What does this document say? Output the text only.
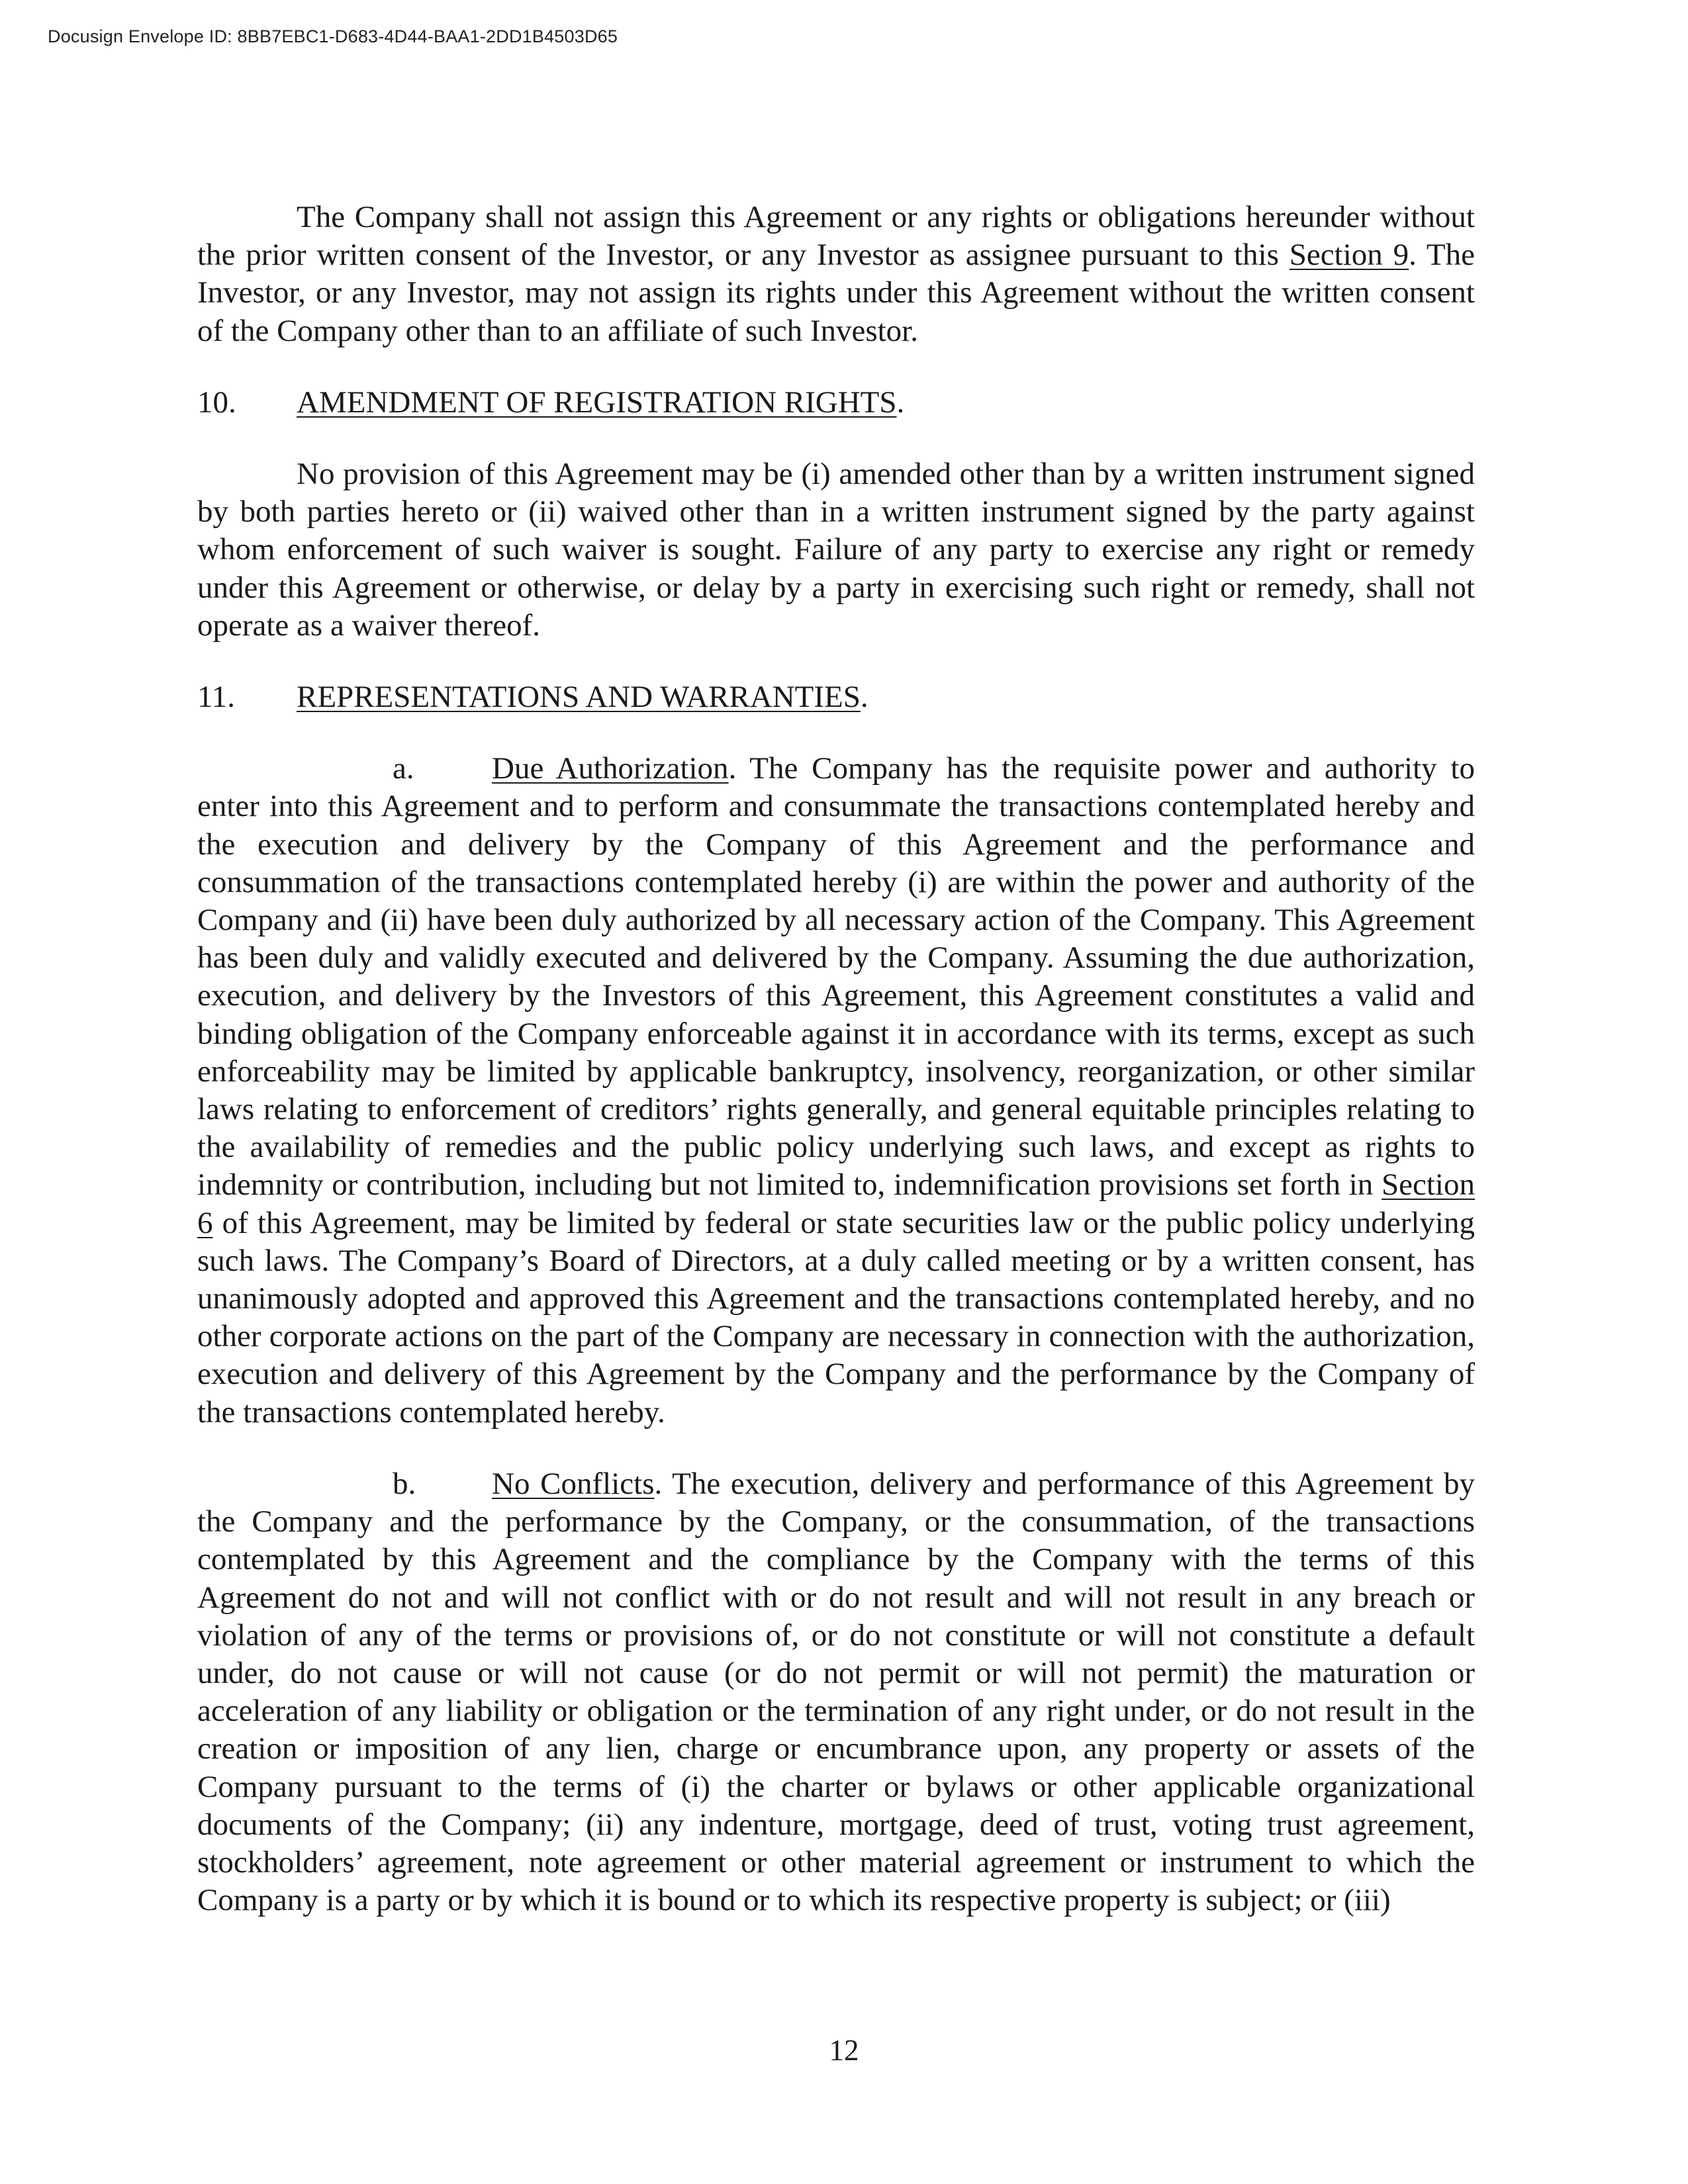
Docusign Envelope ID: 8BB7EBC1-D683-4D44-BAA1-2DD1B4503D65

The Company shall not assign this Agreement or any rights or obligations hereunder without the prior written consent of the Investor, or any Investor as assignee pursuant to this Section 9. The Investor, or any Investor, may not assign its rights under this Agreement without the written consent of the Company other than to an affiliate of such Investor.

10.	AMENDMENT OF REGISTRATION RIGHTS.

No provision of this Agreement may be (i) amended other than by a written instrument signed by both parties hereto or (ii) waived other than in a written instrument signed by the party against whom enforcement of such waiver is sought. Failure of any party to exercise any right or remedy under this Agreement or otherwise, or delay by a party in exercising such right or remedy, shall not operate as a waiver thereof.

11.	REPRESENTATIONS AND WARRANTIES.

a. Due Authorization. The Company has the requisite power and authority to enter into this Agreement and to perform and consummate the transactions contemplated hereby and the execution and delivery by the Company of this Agreement and the performance and consummation of the transactions contemplated hereby (i) are within the power and authority of the Company and (ii) have been duly authorized by all necessary action of the Company. This Agreement has been duly and validly executed and delivered by the Company. Assuming the due authorization, execution, and delivery by the Investors of this Agreement, this Agreement constitutes a valid and binding obligation of the Company enforceable against it in accordance with its terms, except as such enforceability may be limited by applicable bankruptcy, insolvency, reorganization, or other similar laws relating to enforcement of creditors’ rights generally, and general equitable principles relating to the availability of remedies and the public policy underlying such laws, and except as rights to indemnity or contribution, including but not limited to, indemnification provisions set forth in Section 6 of this Agreement, may be limited by federal or state securities law or the public policy underlying such laws. The Company’s Board of Directors, at a duly called meeting or by a written consent, has unanimously adopted and approved this Agreement and the transactions contemplated hereby, and no other corporate actions on the part of the Company are necessary in connection with the authorization, execution and delivery of this Agreement by the Company and the performance by the Company of the transactions contemplated hereby.

b. No Conflicts. The execution, delivery and performance of this Agreement by the Company and the performance by the Company, or the consummation, of the transactions contemplated by this Agreement and the compliance by the Company with the terms of this Agreement do not and will not conflict with or do not result and will not result in any breach or violation of any of the terms or provisions of, or do not constitute or will not constitute a default under, do not cause or will not cause (or do not permit or will not permit) the maturation or acceleration of any liability or obligation or the termination of any right under, or do not result in the creation or imposition of any lien, charge or encumbrance upon, any property or assets of the Company pursuant to the terms of (i) the charter or bylaws or other applicable organizational documents of the Company; (ii) any indenture, mortgage, deed of trust, voting trust agreement, stockholders’ agreement, note agreement or other material agreement or instrument to which the Company is a party or by which it is bound or to which its respective property is subject; or (iii)

12
